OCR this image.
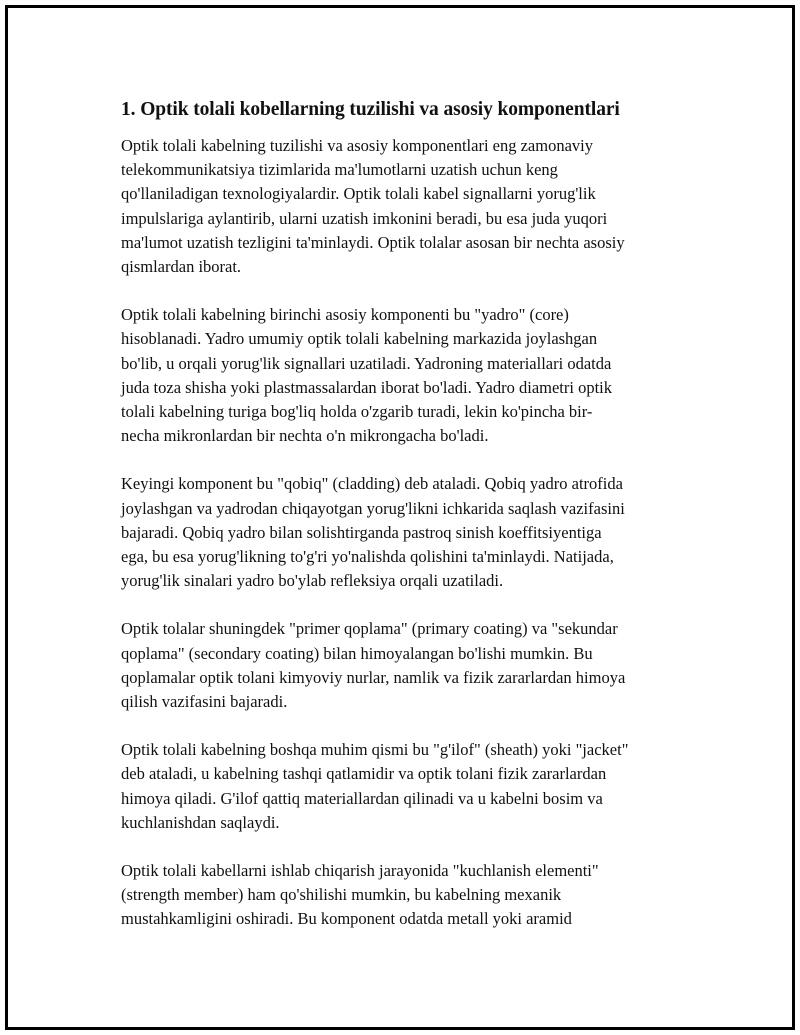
1. Optik tolali kobellarning tuzilishi va asosiy komponentlari

Optik tolali kabelning tuzilishi va asosiy komponentlari eng zamonaviy
telekommunikatsiya tizimlarida ma'lumotlarni uzatish uchun keng
qo'llaniladigan texnologiyalardir. Optik tolali kabel signallarni yorug'lik
impulslariga aylantirib, ularni uzatish imkonini beradi, bu esa juda yuqori
ma'lumot uzatish tezligini ta'minlaydi. Optik tolalar asosan bir nechta asosiy
qismlardan iborat.

Optik tolali kabelning birinchi asosiy komponenti bu "yadro" (core)
hisoblanadi. Yadro umumiy optik tolali kabelning markazida joylashgan
bo'lib, u orqali yorug'lik signallari uzatiladi. Yadroning materiallari odatda
juda toza shisha yoki plastmassalardan iborat bo'ladi. Yadro diametri optik
tolali kabelning turiga bog'liq holda o'zgarib turadi, lekin ko'pincha bir-
necha mikronlardan bir nechta o'n mikrongacha bo'ladi.

Keyingi komponent bu "qobiq" (cladding) deb ataladi. Qobiq yadro atrofida
joylashgan va yadrodan chiqayotgan yorug'likni ichkarida saqlash vazifasini
bajaradi. Qobiq yadro bilan solishtirganda pastroq sinish koeffitsiyentiga
ega, bu esa yorug'likning to'g'ri yo'nalishda qolishini ta'minlaydi. Natijada,
yorug'lik sinalari yadro bo'ylab refleksiya orqali uzatiladi.

Optik tolalar shuningdek "primer qoplama" (primary coating) va "sekundar
qoplama" (secondary coating) bilan himoyalangan bo'lishi mumkin. Bu
qoplamalar optik tolani kimyoviy nurlar, namlik va fizik zararlardan himoya
qilish vazifasini bajaradi.

Optik tolali kabelning boshqa muhim qismi bu "g'ilof" (sheath) yoki "jacket"
deb ataladi, u kabelning tashqi qatlamidir va optik tolani fizik zararlardan
himoya qiladi. G'ilof qattiq materiallardan qilinadi va u kabelni bosim va
kuchlanishdan saqlaydi.

Optik tolali kabellarni ishlab chiqarish jarayonida "kuchlanish elementi"
(strength member) ham qo'shilishi mumkin, bu kabelning mexanik
mustahkamligini oshiradi. Bu komponent odatda metall yoki aramid
